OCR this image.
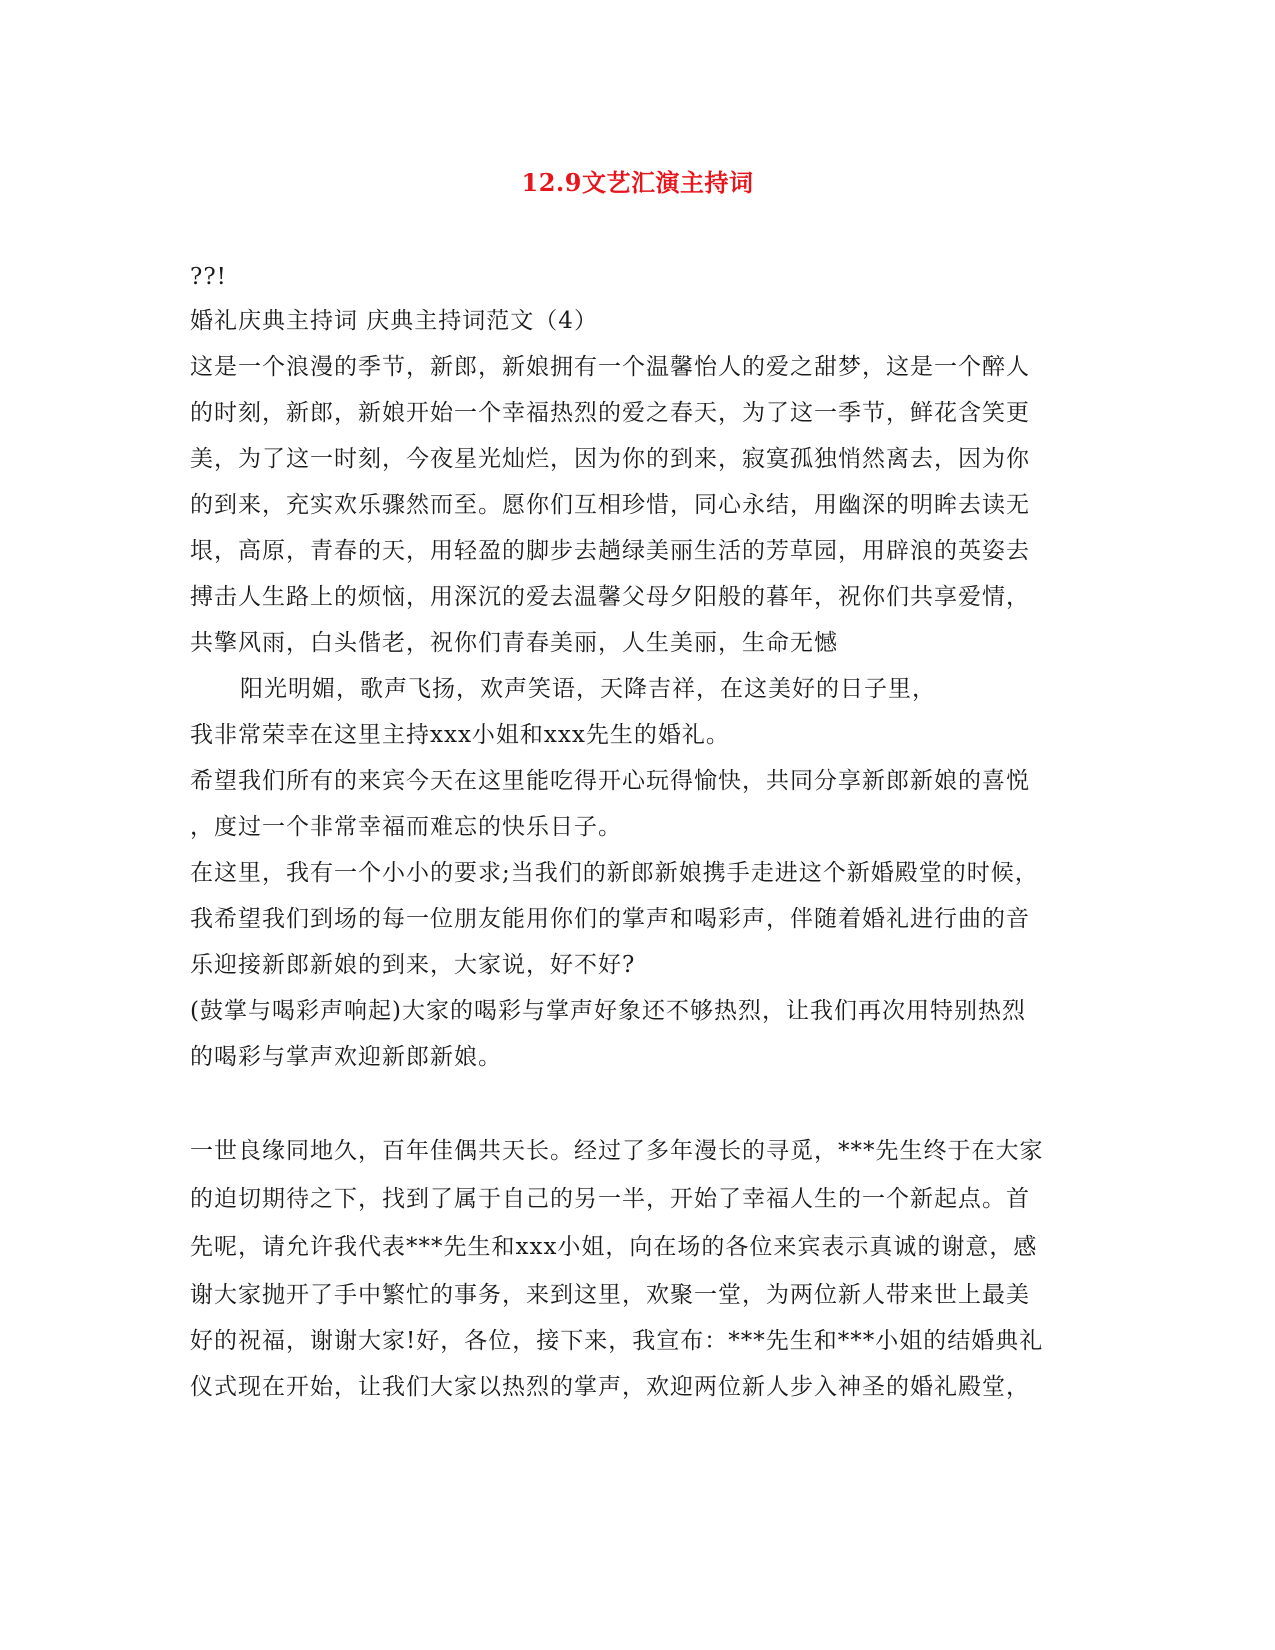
12.9文艺汇演主持词
??!
婚礼庆典主持词 庆典主持词范文（4）
这是一个浪漫的季节，新郎，新娘拥有一个温馨怡人的爱之甜梦，这是一个醉人
的时刻，新郎，新娘开始一个幸福热烈的爱之春天，为了这一季节，鲜花含笑更
美，为了这一时刻，今夜星光灿烂，因为你的到来，寂寞孤独悄然离去，因为你
的到来，充实欢乐骤然而至。愿你们互相珍惜，同心永结，用幽深的明眸去读无
垠，高原，青春的天，用轻盈的脚步去趟绿美丽生活的芳草园，用辟浪的英姿去
搏击人生路上的烦恼，用深沉的爱去温馨父母夕阳般的暮年，祝你们共享爱情，
共擎风雨，白头偕老，祝你们青春美丽，人生美丽，生命无憾
阳光明媚，歌声飞扬，欢声笑语，天降吉祥，在这美好的日子里，
我非常荣幸在这里主持xxx小姐和xxx先生的婚礼。
希望我们所有的来宾今天在这里能吃得开心玩得愉快，共同分享新郎新娘的喜悦
，度过一个非常幸福而难忘的快乐日子。
在这里，我有一个小小的要求;当我们的新郎新娘携手走进这个新婚殿堂的时候，
我希望我们到场的每一位朋友能用你们的掌声和喝彩声，伴随着婚礼进行曲的音
乐迎接新郎新娘的到来，大家说，好不好?
(鼓掌与喝彩声响起)大家的喝彩与掌声好象还不够热烈，让我们再次用特别热烈
的喝彩与掌声欢迎新郎新娘。
一世良缘同地久，百年佳偶共天长。经过了多年漫长的寻觅，***先生终于在大家
的迫切期待之下，找到了属于自己的另一半，开始了幸福人生的一个新起点。首
先呢，请允许我代表***先生和xxx小姐，向在场的各位来宾表示真诚的谢意，感
谢大家抛开了手中繁忙的事务，来到这里，欢聚一堂，为两位新人带来世上最美
好的祝福，谢谢大家!好，各位，接下来，我宣布：***先生和***小姐的结婚典礼
仪式现在开始，让我们大家以热烈的掌声，欢迎两位新人步入神圣的婚礼殿堂，
